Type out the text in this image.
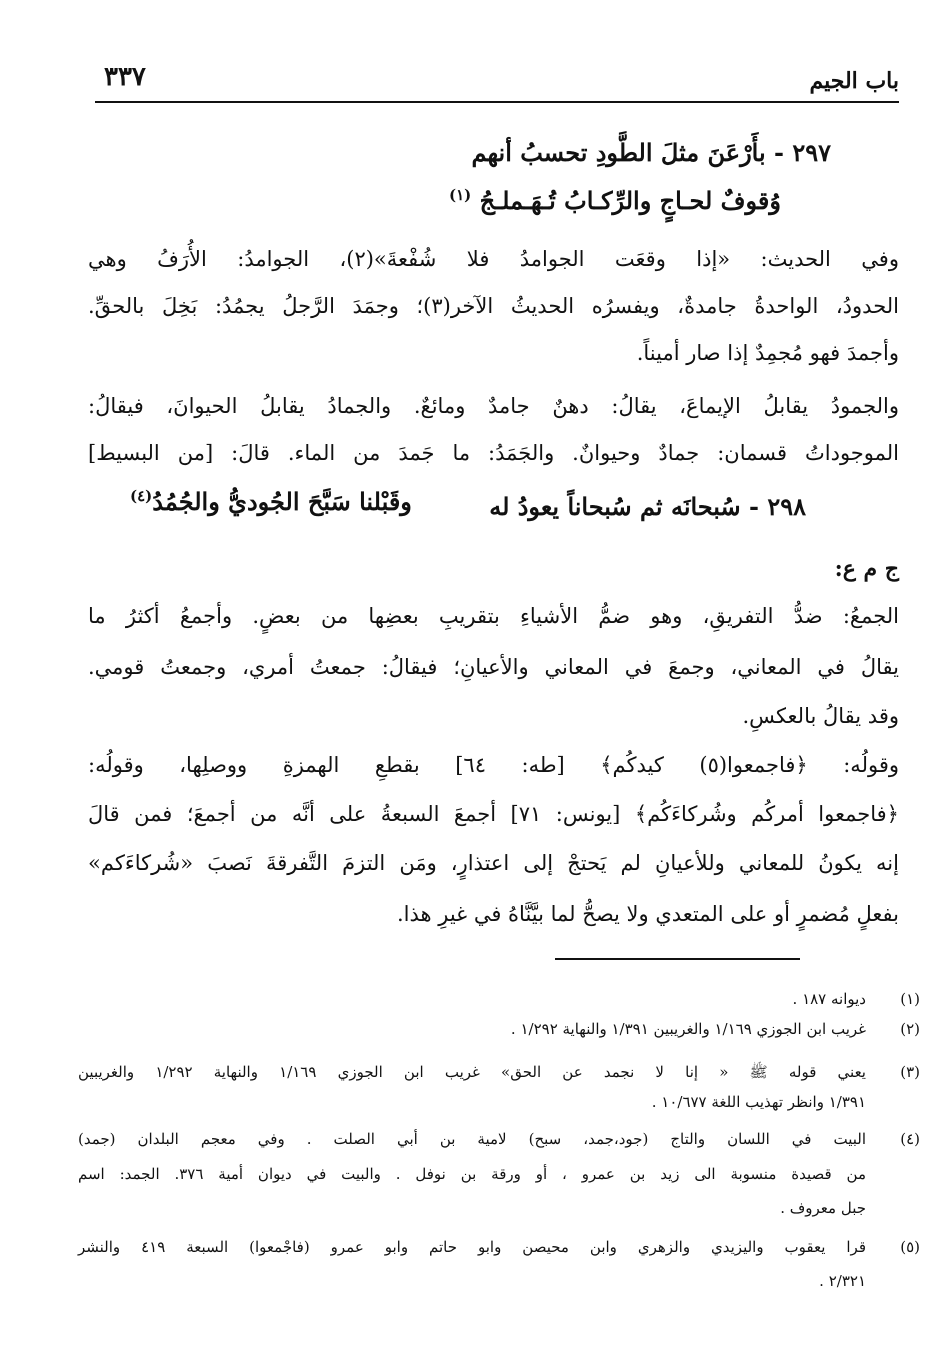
باب الجيم
٣٣٧
٢٩٧ - بأَرْعَنَ مثلَ الطَّودِ تحسبُ أنهم
وُقوفٌ لحـاجٍ والرِّكـابُ تُـهَـملـجُ $^{(١)}$
وفي الحديث: «إذا وقعَت الجوامدُ فلا شُفْعةَ»(٢)، الجوامدُ: الأُرَفُ وهي
الحدودُ، الواحدةُ جامدةٌ، ويفسرُه الحديثُ الآخر(٣)؛ وجمَدَ الرَّجلُ يجمُدُ: بَخِلَ بالحقِّ.
وأجمدَ فهو مُجمِدٌ إذا صار أميناً.
والجمودُ يقابلُ الإيماعَ، يقالُ: دهنٌ جامدٌ ومائعٌ. والجمادُ يقابلُ الحيوانَ، فيقالُ:
الموجوداتُ قسمان: جمادٌ وحيوانٌ. والجَمَدُ: ما جَمدَ من الماء. قالَ: [من البسيط]
٢٩٨ - سُبحانَه ثم سُبحاناً يعودُ له
وقَبْلنا سَبَّحَ الجُوديُّ والجُمُدُ$^{(٤)}$
ج م ع:
الجمعُ: ضدُّ التفريقِ، وهو ضمُّ الأشياءِ بتقريبِ بعضِها من بعضٍ. وأجمعُ أكثرُ ما
يقالُ في المعاني، وجمعَ في المعاني والأعيانِ؛ فيقالُ: جمعتُ أمري، وجمعتُ قومي.
وقد يقالُ بالعكسِ.
وقولُه: ﴿فاجمعوا(٥) كيدكُم﴾ [طه: ٦٤] بقطعِ الهمزةِ ووصلِها، وقولُه:
﴿فاجمعوا أمركُم وشُركاءَكُم﴾ [يونس: ٧١] أجمعَ السبعةُ على أنَّه من أجمعَ؛ فمن قالَ
إنه يكونُ للمعاني وللأعيانِ لم يَحتجْ إلى اعتذارٍ، ومَن التزمَ التَّفرقةَ نَصبَ «شُركاءَكم»
بفعلٍ مُضمرٍ أو على المتعدي ولا يصحُّ لما بيَّنَّاهُ في غيرِ هذا.
(١)
ديوانه ١٨٧ .
(٢)
غريب ابن الجوزي ١/١٦٩ والغريبين ١/٣٩١ والنهاية ١/٢٩٢ .
(٣)
يعني قوله ﷺ « إنا لا نجمد عن الحق» غريب ابن الجوزي ١/١٦٩ والنهاية ١/٢٩٢ والغريبين
١/٣٩١ وانظر تهذيب اللغة ١٠/٦٧٧ .
(٤)
البيت في اللسان والتاج (جود،جمد، سبح) لامية بن أبي الصلت . وفي معجم البلدان (جمد)
من قصيدة منسوبة الى زيد بن عمرو ، أو ورقة بن نوفل . والبيت في ديوان أمية ٣٧٦. الجمد: اسم
جبل معروف .
(٥)
قرا يعقوب واليزيدي والزهري وابن محيصن وابو حاتم وابو عمرو (فاجْمعوا) السبعة ٤١٩ والنشر
٢/٣٢١ .
